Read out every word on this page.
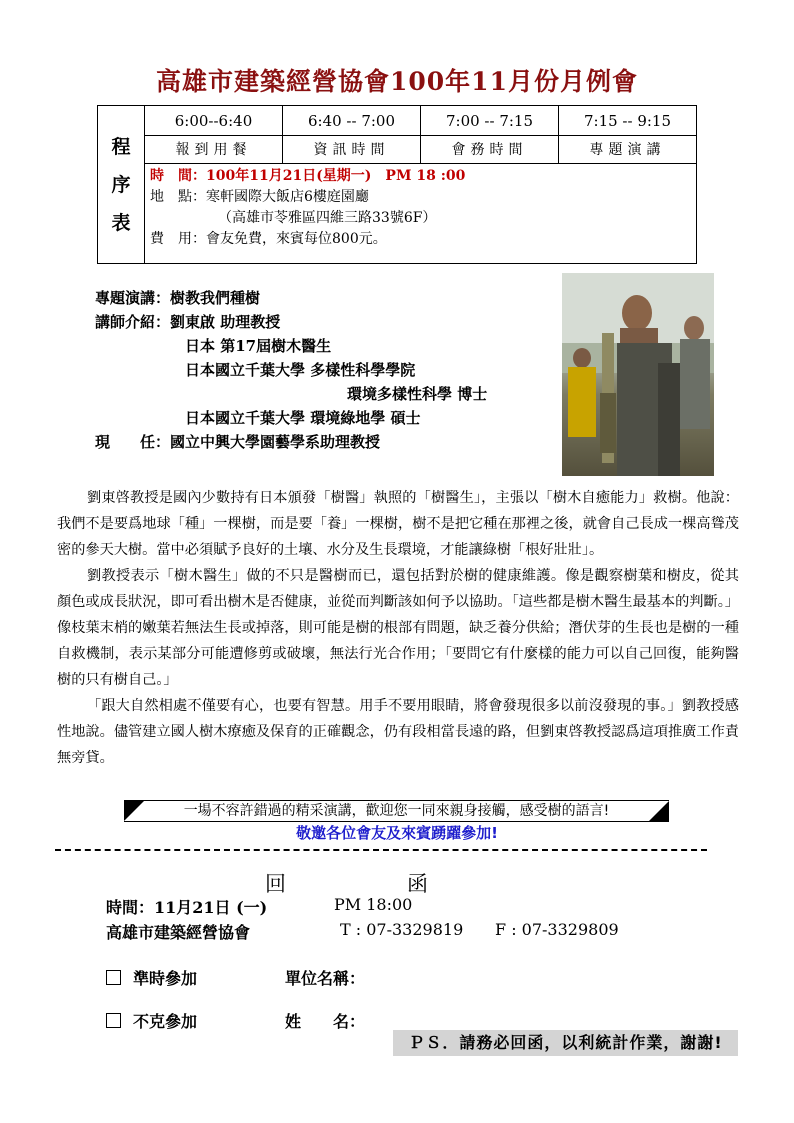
高雄市建築經營協會100年11月份月例會
程
序
表
6:00--6:40	6:40 -- 7:00	7:00 -- 7:15	7:15 -- 9:15
報到用餐	資訊時間	會務時間	專題演講
時　間：100年11月21日(星期一)　PM 18 :00
地　點：寒軒國際大飯店6樓庭園廳
（高雄市苓雅區四維三路33號6F）
費　用：會友免費，來賓每位800元。
專題演講：樹教我們種樹
講師介紹：劉東啟 助理教授
日本 第17屆樹木醫生
日本國立千葉大學 多樣性科學學院
環境多樣性科學 博士
日本國立千葉大學 環境綠地學 碩士
現　　任：國立中興大學園藝學系助理教授

劉東啓教授是國內少數持有日本頒發「樹醫」執照的「樹醫生」，主張以「樹木自癒能力」救樹。他說：我們不是要爲地球「種」一棵樹，而是要「養」一棵樹，樹不是把它種在那裡之後，就會自己長成一棵高聳茂密的參天大樹。當中必須賦予良好的土壤、水分及生長環境，才能讓綠樹「根好壯壯」。

劉教授表示「樹木醫生」做的不只是醫樹而已，還包括對於樹的健康維護。像是觀察樹葉和樹皮，從其顏色或成長狀況，即可看出樹木是否健康，並從而判斷該如何予以協助。「這些都是樹木醫生最基本的判斷。」像枝葉末梢的嫩葉若無法生長或掉落，則可能是樹的根部有問題，缺乏養分供給；潛伏芽的生長也是樹的一種自救機制，表示某部分可能遭修剪或破壞，無法行光合作用；「要問它有什麼樣的能力可以自己回復，能夠醫樹的只有樹自己。」

「跟大自然相處不僅要有心，也要有智慧。用手不要用眼睛，將會發現很多以前沒發現的事。」劉教授感性地說。儘管建立國人樹木療癒及保育的正確觀念，仍有段相當長遠的路，但劉東啓教授認爲這項推廣工作責無旁貸。

一場不容許錯過的精采演講，歡迎您一同來親身接觸，感受樹的語言!
敬邀各位會友及來賓踴躍參加!
回	函
時間：11月21日 (一)	PM 18:00
高雄市建築經營協會	T : 07-3329819 F : 07-3329809
準時參加	單位名稱：
不克參加	姓　　名：
ＰＳ．請務必回函，以利統計作業，謝謝!
